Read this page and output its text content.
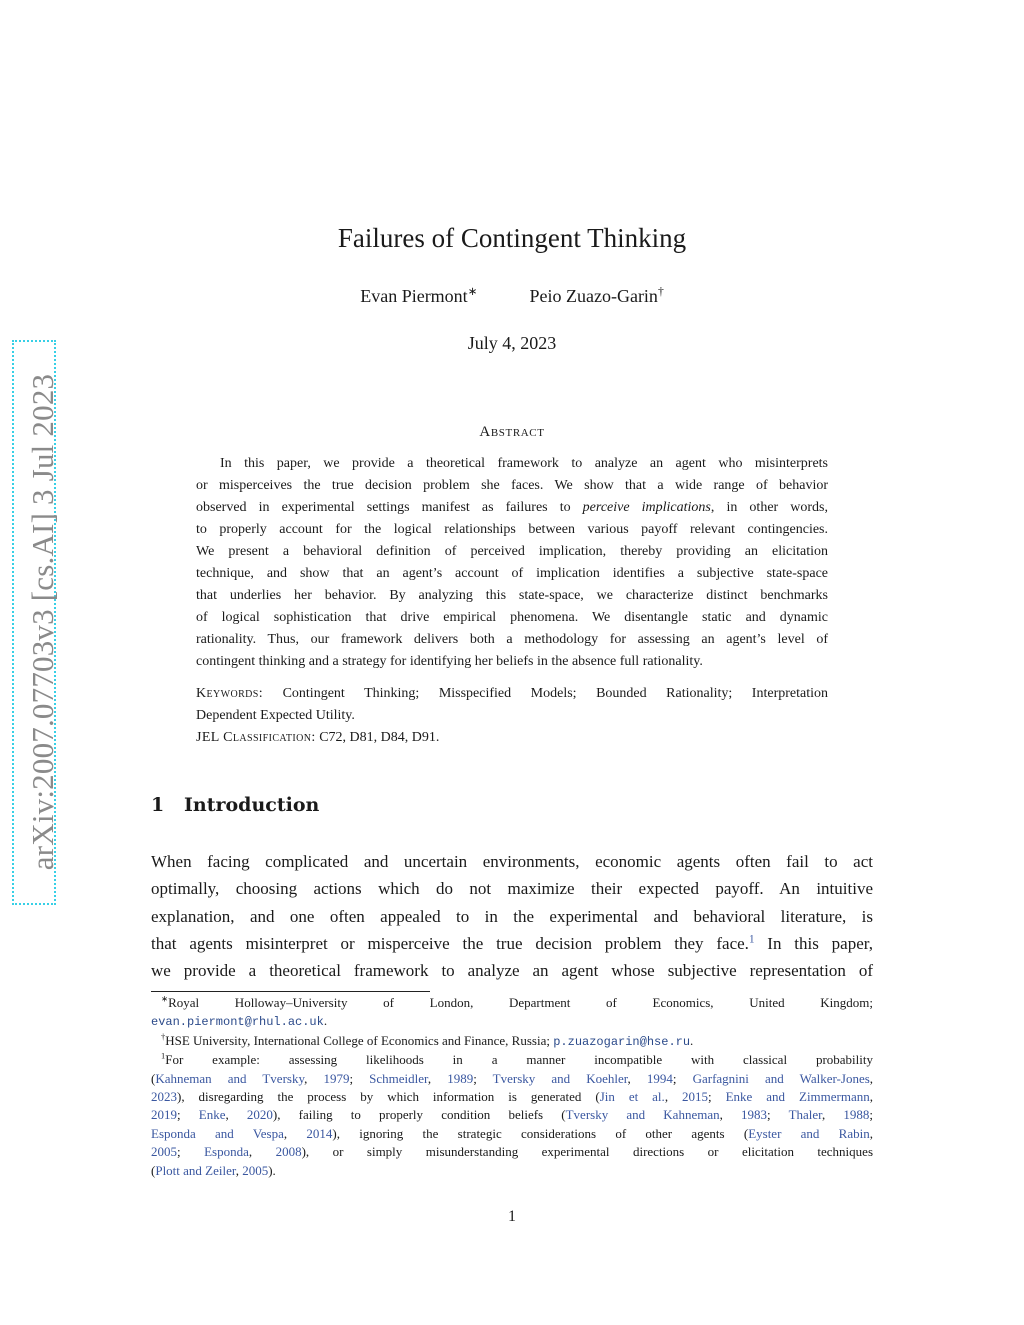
arXiv:2007.07703v3 [cs.AI] 3 Jul 2023
Failures of Contingent Thinking
Evan Piermont∗	Peio Zuazo-Garin†
July 4, 2023
Abstract
In this paper, we provide a theoretical framework to analyze an agent who misinterprets
or misperceives the true decision problem she faces. We show that a wide range of behavior
observed in experimental settings manifest as failures to perceive implications, in other words,
to properly account for the logical relationships between various payoff relevant contingencies.
We present a behavioral definition of perceived implication, thereby providing an elicitation
technique, and show that an agent’s account of implication identifies a subjective state-space
that underlies her behavior. By analyzing this state-space, we characterize distinct benchmarks
of logical sophistication that drive empirical phenomena. We disentangle static and dynamic
rationality. Thus, our framework delivers both a methodology for assessing an agent’s level of
contingent thinking and a strategy for identifying her beliefs in the absence full rationality.
Keywords: Contingent Thinking; Misspecified Models; Bounded Rationality; Interpretation
Dependent Expected Utility.
JEL Classification: C72, D81, D84, D91.
1 Introduction
When facing complicated and uncertain environments, economic agents often fail to act
optimally, choosing actions which do not maximize their expected payoff. An intuitive
explanation, and one often appealed to in the experimental and behavioral literature, is
that agents misinterpret or misperceive the true decision problem they face.$^1$ In this paper,
we provide a theoretical framework to analyze an agent whose subjective representation of
∗Royal Holloway–University of London, Department of Economics, United Kingdom;
evan.piermont@rhul.ac.uk.
†HSE University, International College of Economics and Finance, Russia; p.zuazogarin@hse.ru.
$^1$For example: assessing likelihoods in a manner incompatible with classical probability
(Kahneman and Tversky, 1979; Schmeidler, 1989; Tversky and Koehler, 1994; Garfagnini and Walker-Jones,
2023), disregarding the process by which information is generated (Jin et al., 2015; Enke and Zimmermann,
2019; Enke, 2020), failing to properly condition beliefs (Tversky and Kahneman, 1983; Thaler, 1988;
Esponda and Vespa, 2014), ignoring the strategic considerations of other agents (Eyster and Rabin,
2005; Esponda, 2008), or simply misunderstanding experimental directions or elicitation techniques
(Plott and Zeiler, 2005).
1
